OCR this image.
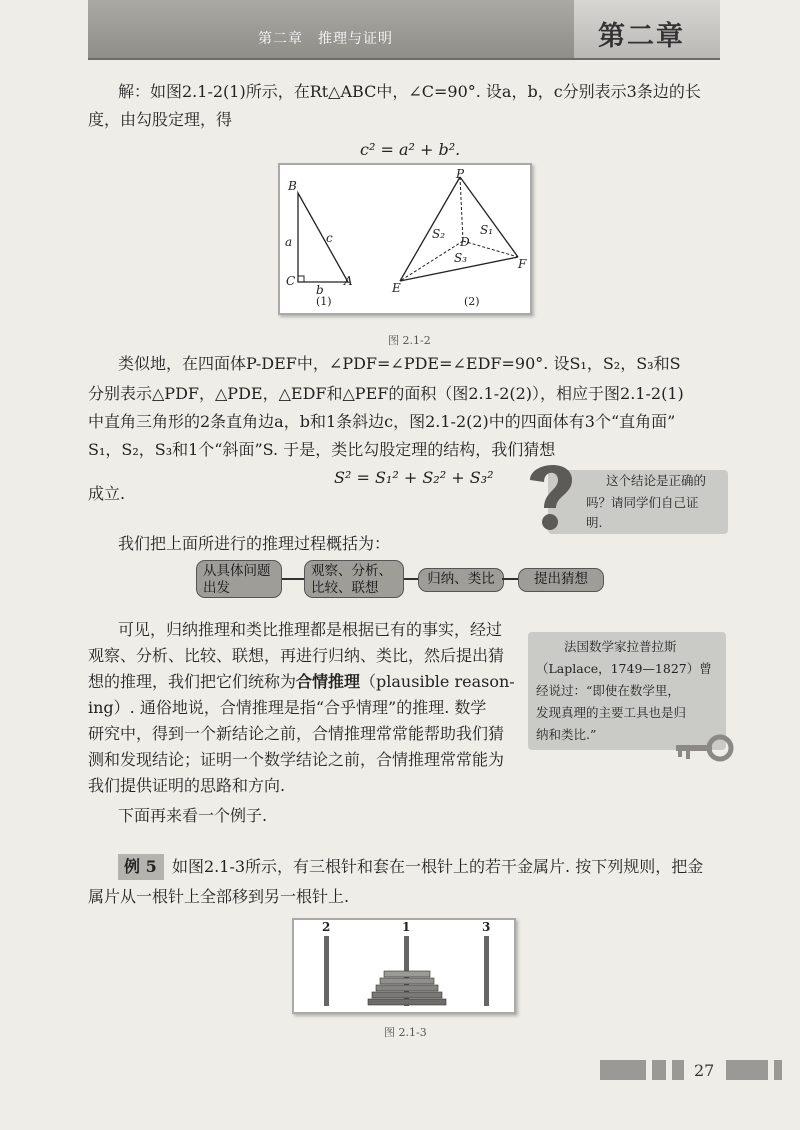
第二章　推理与证明	第二章
解：如图2.1-2(1)所示，在Rt△ABC中，∠C=90°. 设a，b，c分别表示3条边的长
度，由勾股定理，得
c² = a² + b².
B
C	A
a
b
c
(1)
P
D
E
F
S₁
S₂
S₃
(2)
图 2.1-2
类似地，在四面体P-DEF中，∠PDF=∠PDE=∠EDF=90°. 设S₁，S₂，S₃和S
分别表示△PDF，△PDE，△EDF和△PEF的面积（图2.1-2(2)），相应于图2.1-2(1)
中直角三角形的2条直角边a，b和1条斜边c，图2.1-2(2)中的四面体有3个“直角面”
S₁，S₂，S₃和1个“斜面”S. 于是，类比勾股定理的结构，我们猜想
S² = S₁² + S₂² + S₃²
成立.
这个结论是正确的
吗？请同学们自己证
明.
我们把上面所进行的推理过程概括为：
从具体问题
出发
观察、分析、
比较、联想
归纳、类比	提出猜想
可见，归纳推理和类比推理都是根据已有的事实，经过
观察、分析、比较、联想，再进行归纳、类比，然后提出猜
想的推理，我们把它们统称为合情推理（plausible reason-
ing）. 通俗地说，合情推理是指“合乎情理”的推理. 数学
研究中，得到一个新结论之前，合情推理常常能帮助我们猜
测和发现结论；证明一个数学结论之前，合情推理常常能为
我们提供证明的思路和方向.
下面再来看一个例子.
法国数学家拉普拉斯
（Laplace，1749—1827）曾
经说过：“即使在数学里，
发现真理的主要工具也是归
纳和类比.”
例 5 如图2.1-3所示，有三根针和套在一根针上的若干金属片. 按下列规则，把金
属片从一根针上全部移到另一根针上.
2	1	3
图 2.1-3
27
